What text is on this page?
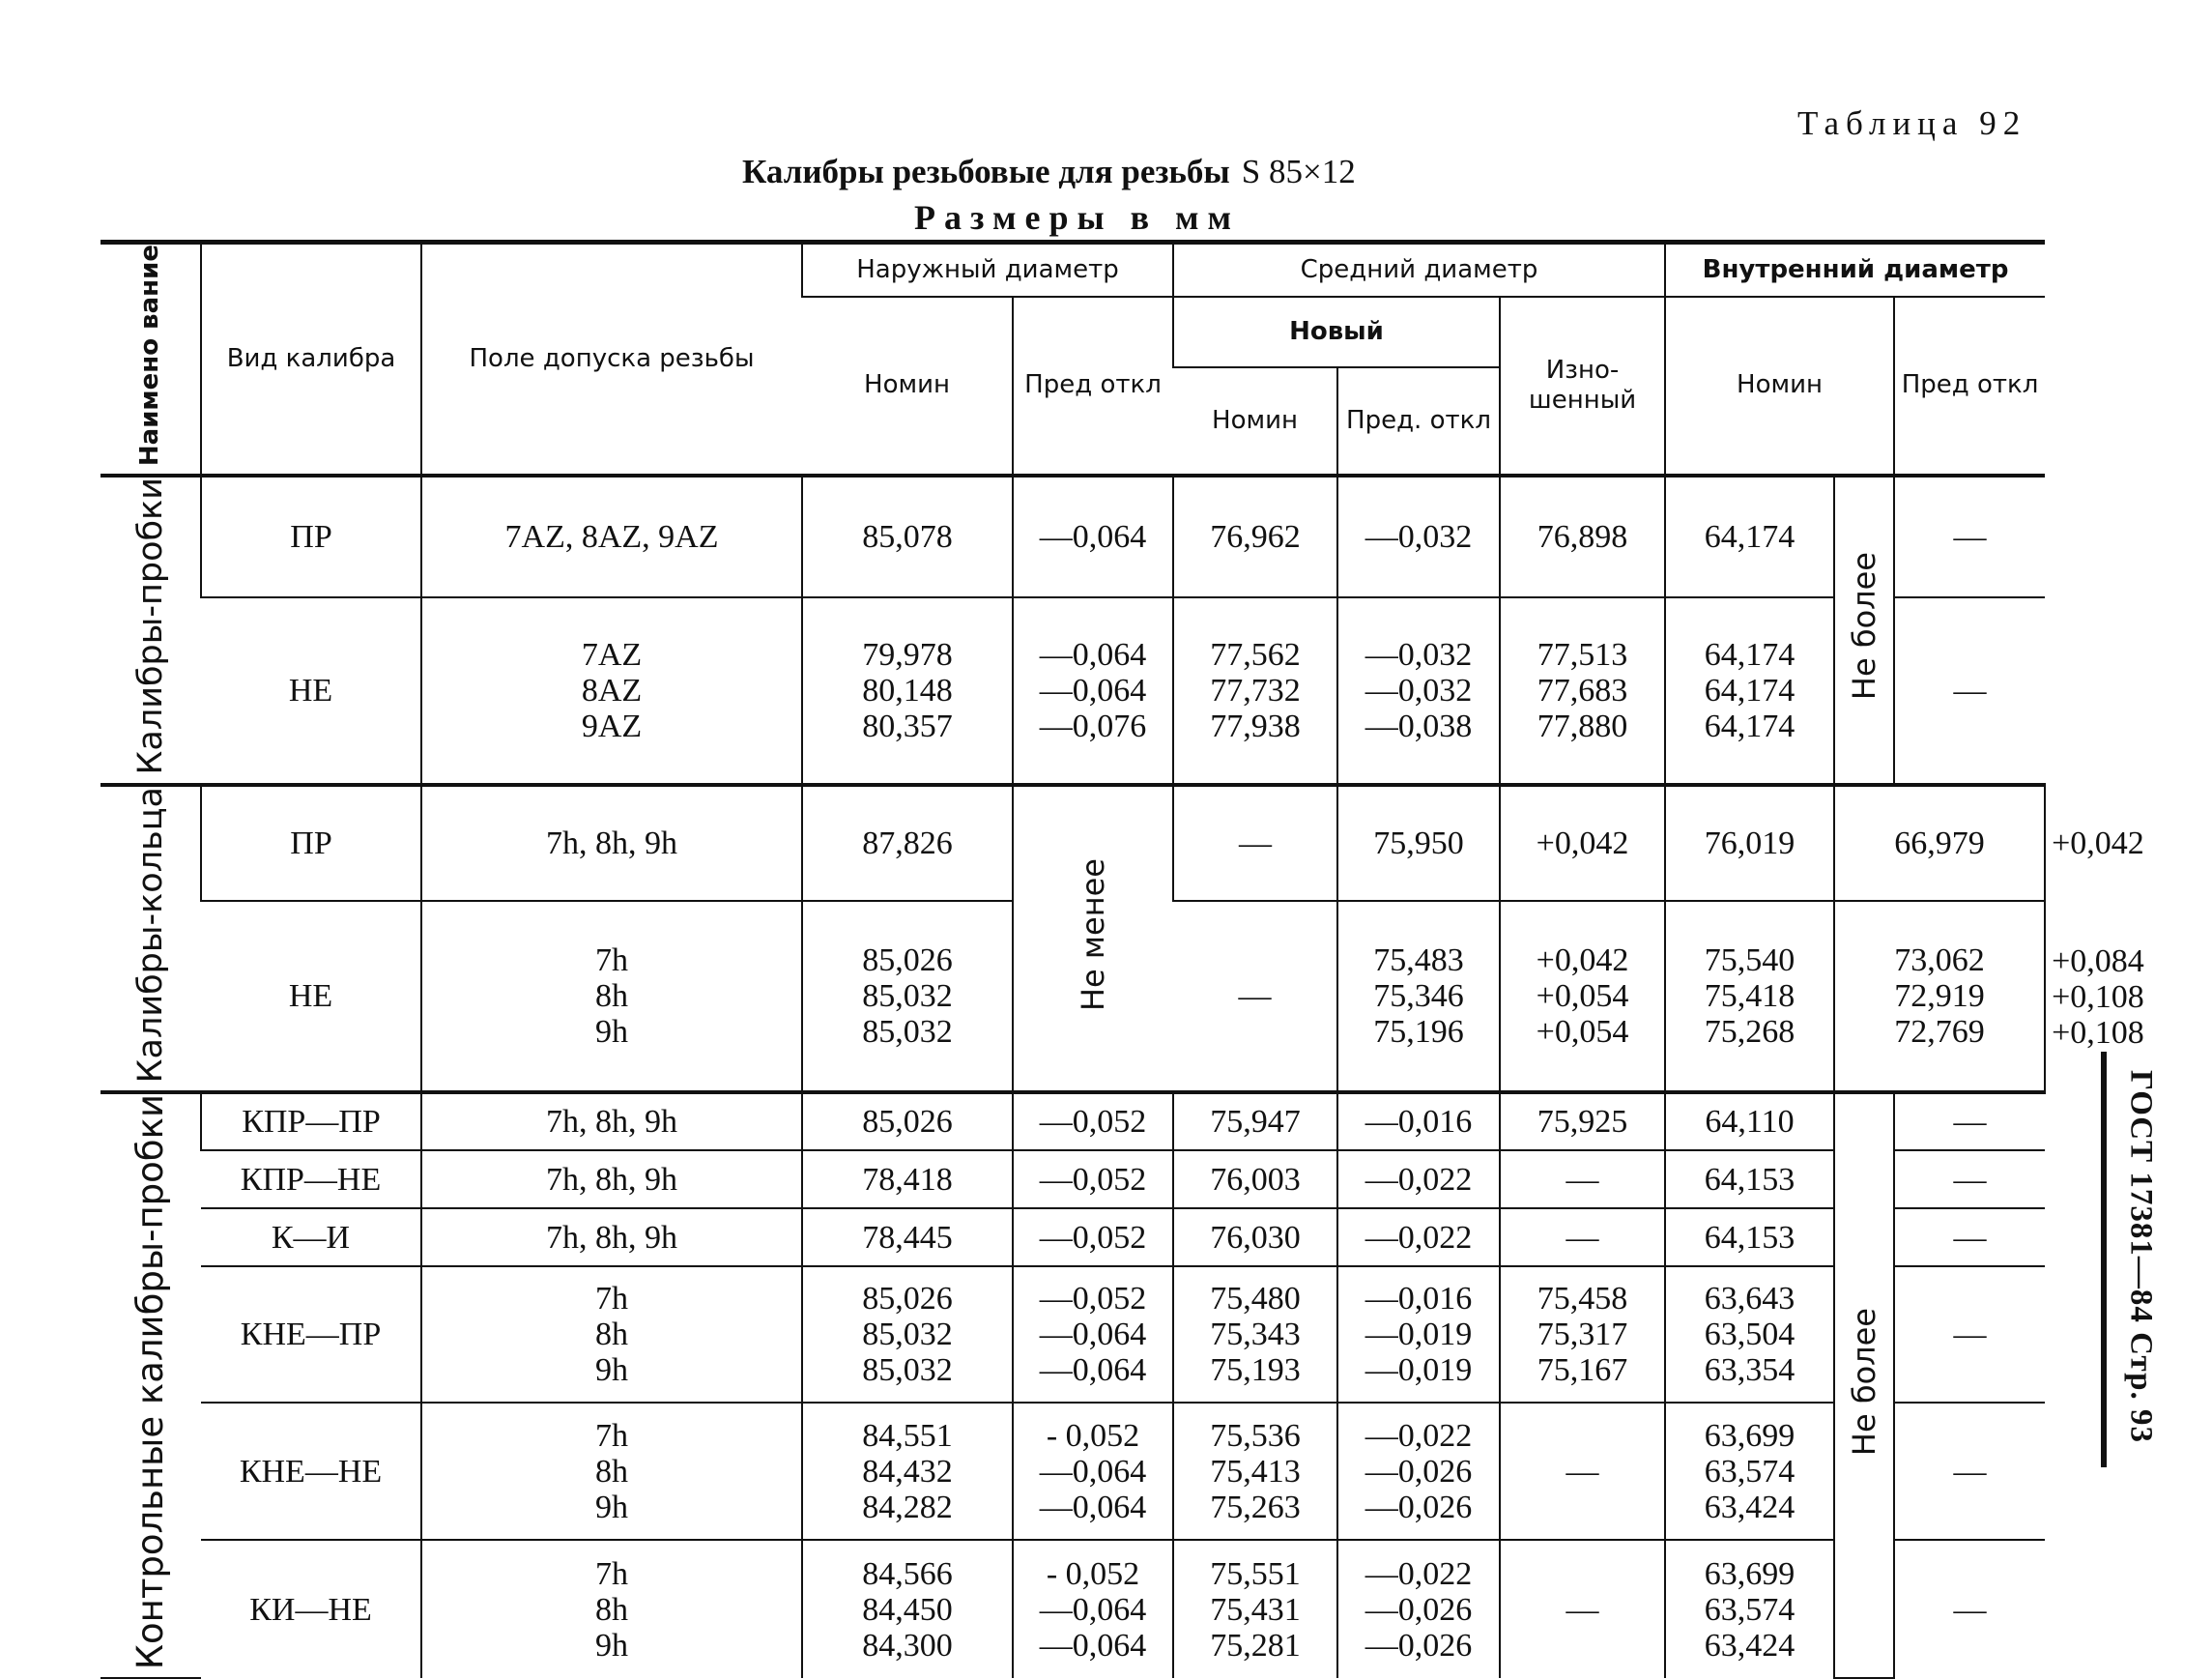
Таблица 92
Калибры резьбовые для резьбы S 85×12
Размеры в мм
ГОСТ 17381—84 Стр. 93
Наимено вание	Вид калибра	Поле допуска резьбы	Наружный диаметр		Средний диаметр			Внутренний диаметр			
			Номин	Пред откл	Новый		Изно- шенный	Номин		Пред откл	
					Номин	Пред. откл					
Калибры-пробки	ПР	7AZ, 8AZ, 9AZ	85,078	—0,064	76,962	—0,032	76,898	64,174	Не более	—	

	НЕ	7AZ
8AZ
9AZ	79,978
80,148
80,357	—0,064
—0,064
—0,076	77,562
77,732
77,938	—0,032
—0,032
—0,038	77,513
77,683
77,880	64,174
64,174
64,174		—	

Калибры-кольца	ПР	7h, 8h, 9h	87,826	Не менее	—	75,950	+0,042	76,019	66,979		+0,042

	НЕ	7h
8h
9h	85,026
85,032
85,032		—	75,483
75,346
75,196	+0,042
+0,054
+0,054	75,540
75,418
75,268	73,062
72,919
72,769		+0,084
+0,108
+0,108

Контрольные калибры-пробки	КПР—ПР	7h, 8h, 9h	85,026	—0,052	75,947	—0,016	75,925	64,110	Не более	—	

	КПР—НЕ	7h, 8h, 9h	78,418	—0,052	76,003	—0,022	—	64,153		—	

	К—И	7h, 8h, 9h	78,445	—0,052	76,030	—0,022	—	64,153		—	

	КНЕ—ПР	7h
8h
9h	85,026
85,032
85,032	—0,052
—0,064
—0,064	75,480
75,343
75,193	—0,016
—0,019
—0,019	75,458
75,317
75,167	63,643
63,504
63,354		—	

	КНЕ—НЕ	7h
8h
9h	84,551
84,432
84,282	- 0,052
—0,064
—0,064	75,536
75,413
75,263	—0,022
—0,026
—0,026	—	63,699
63,574
63,424		—	

	КИ—НЕ	7h
8h
9h	84,566
84,450
84,300	- 0,052
—0,064
—0,064	75,551
75,431
75,281	—0,022
—0,026
—0,026	—	63,699
63,574
63,424		—	
